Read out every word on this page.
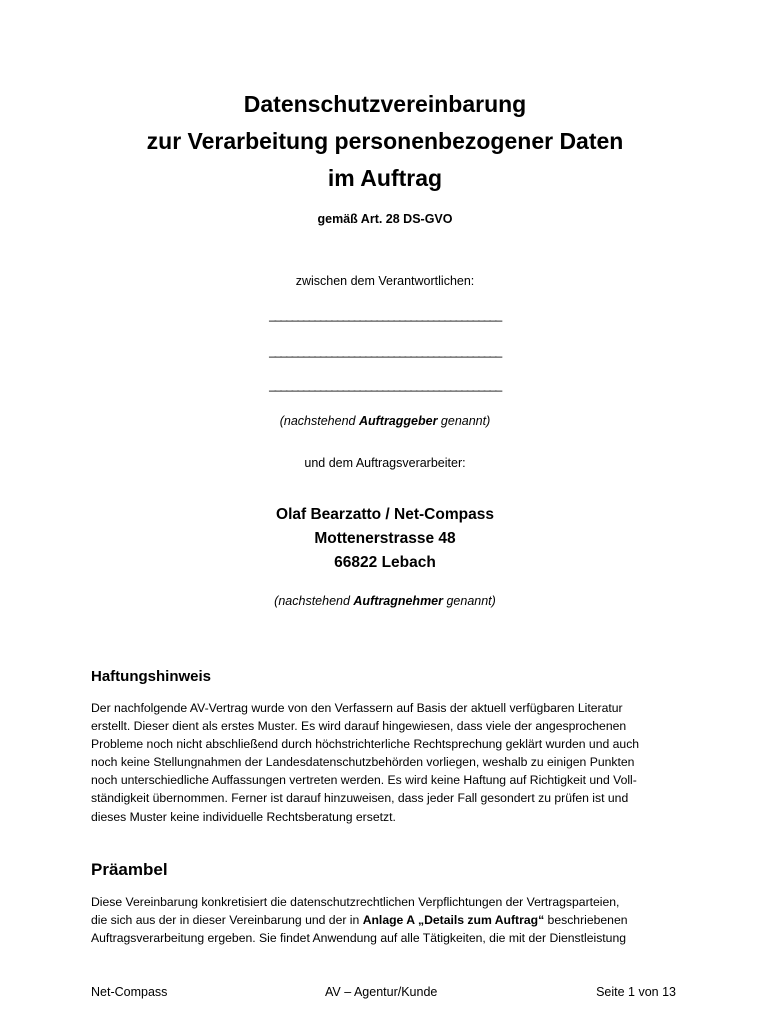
Datenschutzvereinbarung
zur Verarbeitung personenbezogener Daten
im Auftrag
gemäß Art. 28 DS-GVO
zwischen dem Verantwortlichen:
_________________________________________
_________________________________________
_________________________________________
(nachstehend Auftraggeber genannt)
und dem Auftragsverarbeiter:
Olaf Bearzatto / Net-Compass
Mottenerstrasse 48
66822 Lebach
(nachstehend Auftragnehmer genannt)
Haftungshinweis
Der nachfolgende AV-Vertrag wurde von den Verfassern auf Basis der aktuell verfügbaren Literatur
erstellt. Dieser dient als erstes Muster. Es wird darauf hingewiesen, dass viele der angesprochenen
Probleme noch nicht abschließend durch höchstrichterliche Rechtsprechung geklärt wurden und auch
noch keine Stellungnahmen der Landesdatenschutzbehörden vorliegen, weshalb zu einigen Punkten
noch unterschiedliche Auffassungen vertreten werden. Es wird keine Haftung auf Richtigkeit und Voll-
ständigkeit übernommen. Ferner ist darauf hinzuweisen, dass jeder Fall gesondert zu prüfen ist und
dieses Muster keine individuelle Rechtsberatung ersetzt.
Präambel
Diese Vereinbarung konkretisiert die datenschutzrechtlichen Verpflichtungen der Vertragsparteien,
die sich aus der in dieser Vereinbarung und der in Anlage A „Details zum Auftrag“ beschriebenen
Auftragsverarbeitung ergeben. Sie findet Anwendung auf alle Tätigkeiten, die mit der Dienstleistung
Net-Compass	AV – Agentur/Kunde	Seite 1 von 13
